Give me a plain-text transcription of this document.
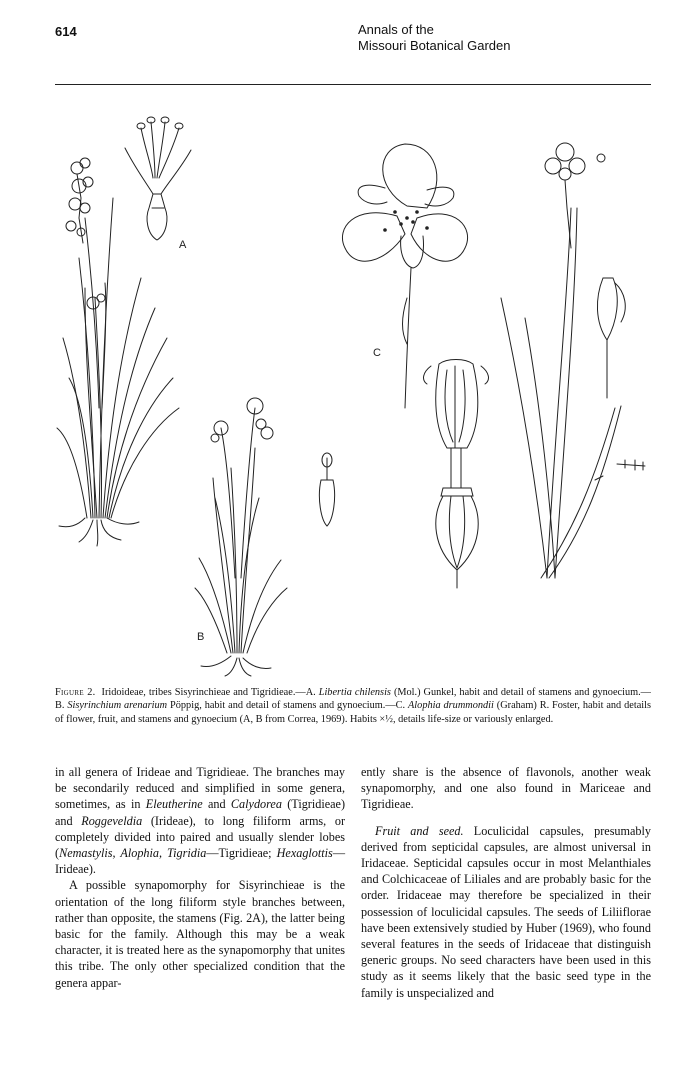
614	Annals of the
Missouri Botanical Garden
A
B
C
Figure 2. Iridoideae, tribes Sisyrinchieae and Tigridieae.—A. Libertia chilensis (Mol.) Gunkel, habit and detail of stamens and gynoecium.—B. Sisyrinchium arenarium Pöppig, habit and detail of stamens and gynoecium.—C. Alophia drummondii (Graham) R. Foster, habit and details of flower, fruit, and stamens and gynoecium (A, B from Correa, 1969). Habits ×½, details life-size or variously enlarged.

in all genera of Irideae and Tigridieae. The branches may be secondarily reduced and simplified in some genera, sometimes, as in Eleutherine and Calydorea (Tigridieae) and Roggeveldia (Irideae), to long filiform arms, or completely divided into paired and usually slender lobes (Nemastylis, Alophia, Tigridia—Tigridieae; Hexaglottis—Irideae).

A possible synapomorphy for Sisyrinchieae is the orientation of the long filiform style branches between, rather than opposite, the stamens (Fig. 2A), the latter being basic for the family. Although this may be a weak character, it is treated here as the synapomorphy that unites this tribe. The only other specialized condition that the genera appar-

ently share is the absence of flavonols, another weak synapomorphy, and one also found in Mariceae and Tigridieae.

Fruit and seed. Loculicidal capsules, presumably derived from septicidal capsules, are almost universal in Iridaceae. Septicidal capsules occur in most Melanthiales and Colchicaceae of Liliales and are probably basic for the order. Iridaceae may therefore be specialized in their possession of loculicidal capsules. The seeds of Liliiflorae have been extensively studied by Huber (1969), who found several features in the seeds of Iridaceae that distinguish generic groups. No seed characters have been used in this study as it seems likely that the basic seed type in the family is unspecialized and
